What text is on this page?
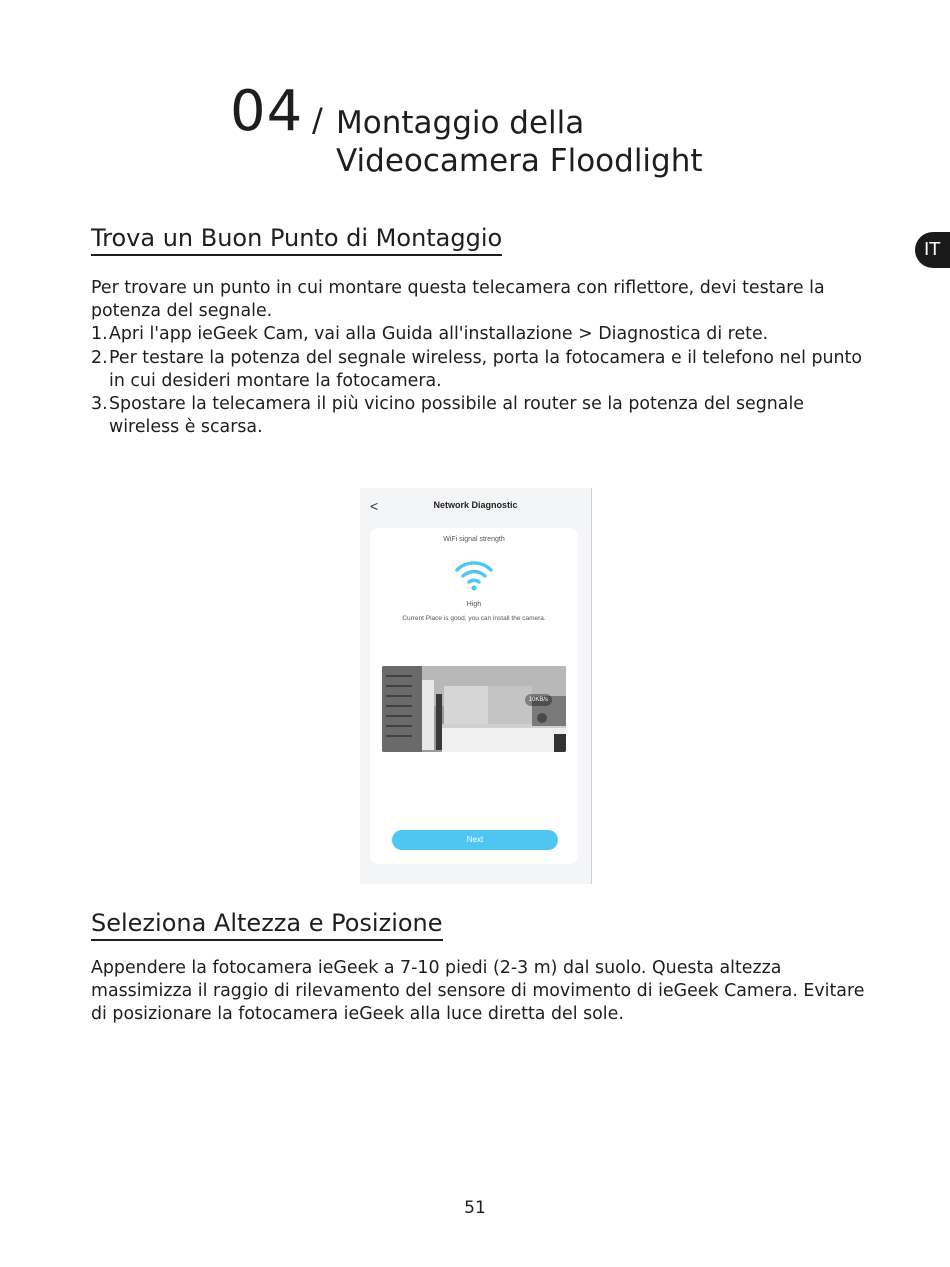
04 / Montaggio della
Videocamera Floodlight
IT
Trova un Buon Punto di Montaggio

Per trovare un punto in cui montare questa telecamera con riflettore, devi testare la potenza del segnale.

1. Apri l'app ieGeek Cam, vai alla Guida all'installazione > Diagnostica di rete.
2. Per testare la potenza del segnale wireless, porta la fotocamera e il telefono nel punto in cui desideri montare la fotocamera.
3. Spostare la telecamera il più vicino possibile al router se la potenza del segnale wireless è scarsa.
<	Network Diagnostic
WiFi signal strength
High
Current Place is good, you can install the camera.
10KB/s
Next
Seleziona Altezza e Posizione

Appendere la fotocamera ieGeek a 7-10 piedi (2-3 m) dal suolo. Questa altezza massimizza il raggio di rilevamento del sensore di movimento di ieGeek Camera. Evitare di posizionare la fotocamera ieGeek alla luce diretta del sole.

51
